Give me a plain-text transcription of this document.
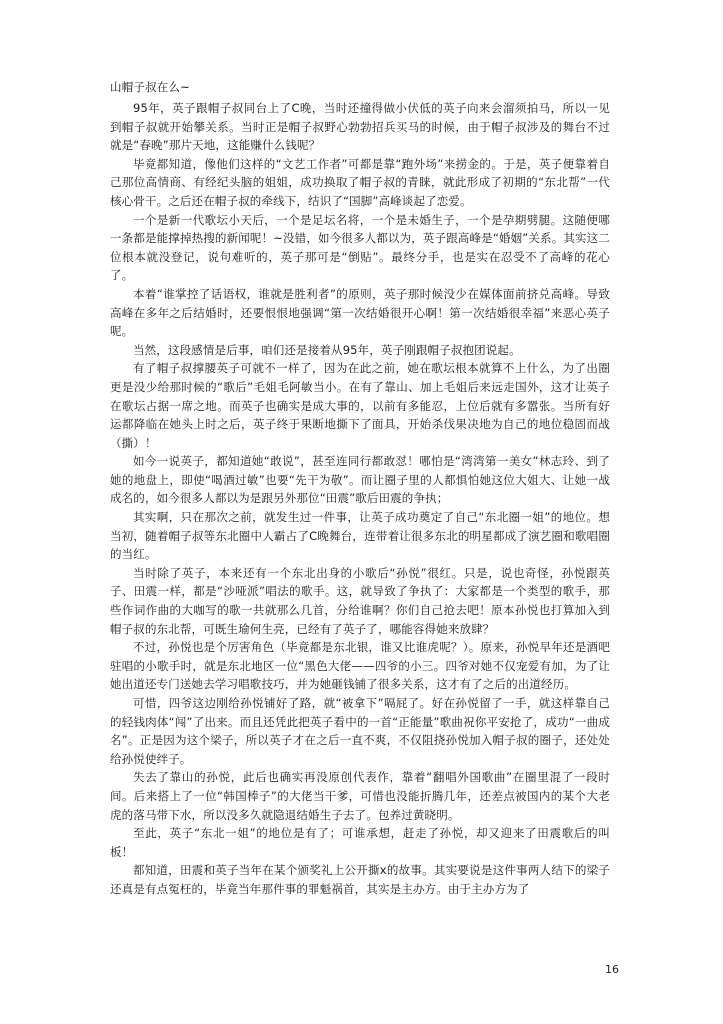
山帽子叔在么~

95年，英子跟帽子叔同台上了C晚，当时还撞得做小伏低的英子向来会溜须拍马，所以一见到帽子叔就开始攀关系。当时正是帽子叔野心勃勃招兵买马的时候，由于帽子叔涉及的舞台不过就是“春晚”那片天地，这能赚什么钱呢？

毕竟都知道，像他们这样的“文艺工作者”可都是靠“跑外场”来捞金的。于是，英子便靠着自己那位高情商、有经纪头脑的姐姐，成功换取了帽子叔的青睐，就此形成了初期的“东北帮”一代核心骨干。之后还在帽子叔的牵线下，结识了“国脚”高峰谈起了恋爱。

一个是新一代歌坛小天后，一个是足坛名将，一个是未婚生子，一个是孕期劈腿。这随便哪一条都是能撑掉热搜的新闻呢！~没错，如今很多人都以为，英子跟高峰是“婚姻”关系。其实这二位根本就没登记，说句难听的，英子那可是“倒贴”。最终分手，也是实在忍受不了高峰的花心了。

本着“谁掌控了话语权，谁就是胜利者”的原则，英子那时候没少在媒体面前挤兑高峰。导致高峰在多年之后结婚时，还要恨恨地强调“第一次结婚很开心啊！第一次结婚很幸福”来恶心英子呢。

当然，这段感情是后事，咱们还是接着从95年，英子刚跟帽子叔抱团说起。

有了帽子叔撑腰英子可就不一样了，因为在此之前，她在歌坛根本就算不上什么，为了出圈更是没少给那时候的“歌后”毛姐毛阿敏当小。在有了靠山、加上毛姐后来远走国外，这才让英子在歌坛占据一席之地。而英子也确实是成大事的，以前有多能忍，上位后就有多嚣张。当所有好运都降临在她头上时之后，英子终于果断地撕下了面具，开始杀伐果决地为自己的地位稳固而战（撕）！

如今一说英子，都知道她“敢说”，甚至连同行都敢怼！哪怕是“湾湾第一美女”林志玲、到了她的地盘上，即使“喝酒过敏”也要“先干为敬”。而让圈子里的人都惧怕她这位大姐大、让她一战成名的，如今很多人都以为是跟另外那位“田震”歌后田震的争执；

其实啊，只在那次之前，就发生过一件事，让英子成功奠定了自己“东北圈一姐”的地位。想当初，随着帽子叔等东北圈中人霸占了C晚舞台，连带着让很多东北的明星都成了演艺圈和歌唱圈的当红。

当时除了英子，本来还有一个东北出身的小歌后“孙悦”很红。只是，说也奇怪，孙悦跟英子、田震一样，都是“沙哑派”唱法的歌手。这，就导致了争执了：大家都是一个类型的歌手，那些作词作曲的大咖写的歌一共就那么几首，分给谁啊？你们自己抢去吧！原本孙悦也打算加入到帽子叔的东北帮，可既生瑜何生亮，已经有了英子了，哪能容得她来放肆？

不过，孙悦也是个厉害角色（毕竟都是东北银，谁又比谁虎呢？）。原来，孙悦早年还是酒吧驻唱的小歌手时，就是东北地区一位“黑色大佬——四爷的小三。四爷对她不仅宠爱有加，为了让她出道还专门送她去学习唱歌技巧，并为她砸钱铺了很多关系，这才有了之后的出道经历。

可惜，四爷这边刚给孙悦铺好了路，就“被拿下”嗝屁了。好在孙悦留了一手，就这样靠自己的轻钱肉体“闯”了出来。而且还凭此把英子看中的一首“正能量”歌曲祝你平安抢了，成功“一曲成名”。正是因为这个梁子，所以英子才在之后一直不爽，不仅阻挠孙悦加入帽子叔的圈子，还处处给孙悦使绊子。

失去了靠山的孙悦，此后也确实再没原创代表作，靠着“翻唱外国歌曲”在圈里混了一段时间。后来搭上了一位“韩国棒子”的大佬当干爹，可惜也没能折腾几年，还差点被国内的某个大老虎的落马带下水，所以没多久就隐退结婚生子去了。包养过黄晓明。

至此，英子“东北一姐”的地位是有了；可谁承想，赶走了孙悦，却又迎来了田震歌后的叫板！

都知道，田震和英子当年在某个颁奖礼上公开撕x的故事。其实要说是这件事两人结下的梁子还真是有点冤枉的，毕竟当年那件事的罪魁祸首，其实是主办方。由于主办方为了

16
